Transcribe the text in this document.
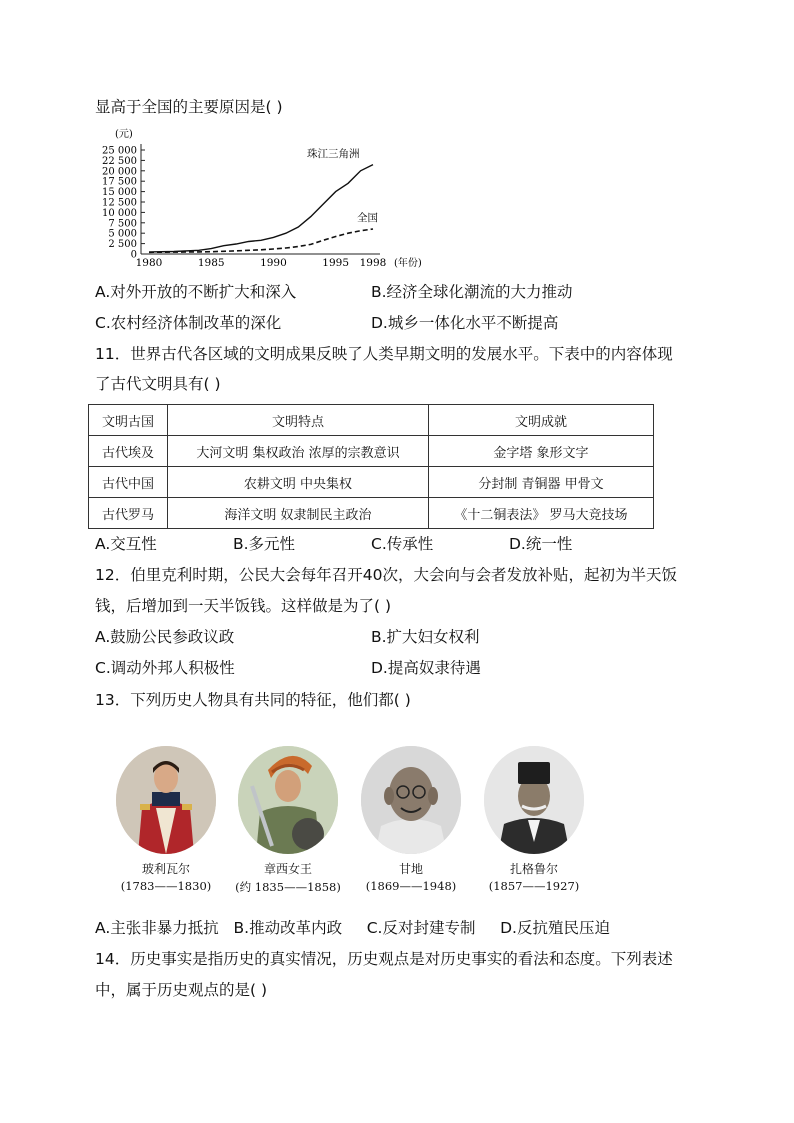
显高于全国的主要原因是( )
(元)
25 000
22 500
20 000
17 500
15 000
12 500
10 000
7 500
5 000
2 500
0
1980	1985	1990	1995 1998
珠江三角洲
全国
(年份)
A.对外开放的不断扩大和深入	B.经济全球化潮流的大力推动
C.农村经济体制改革的深化	D.城乡一体化水平不断提高
11．世界古代各区域的文明成果反映了人类早期文明的发展水平。下表中的内容体现
了古代文明具有( )
文明古国	文明特点	文明成就
古代埃及	大河文明 集权政治 浓厚的宗教意识	金字塔 象形文字
古代中国	农耕文明 中央集权	分封制 青铜器 甲骨文
古代罗马	海洋文明 奴隶制民主政治	《十二铜表法》 罗马大竞技场
A.交互性	B.多元性	C.传承性	D.统一性
12．伯里克利时期，公民大会每年召开40次，大会向与会者发放补贴，起初为半天饭
钱，后增加到一天半饭钱。这样做是为了( )
A.鼓励公民参政议政	B.扩大妇女权利
C.调动外邦人积极性	D.提高奴隶待遇
13．下列历史人物具有共同的特征，他们都( )
玻利瓦尔	章西女王	甘地	扎格鲁尔
(1783——1830)	(约 1835——1858)	(1869——1948)	(1857——1927)
A.主张非暴力抵抗   B.推动改革内政     C.反对封建专制     D.反抗殖民压迫
14．历史事实是指历史的真实情况，历史观点是对历史事实的看法和态度。下列表述
中，属于历史观点的是( )
